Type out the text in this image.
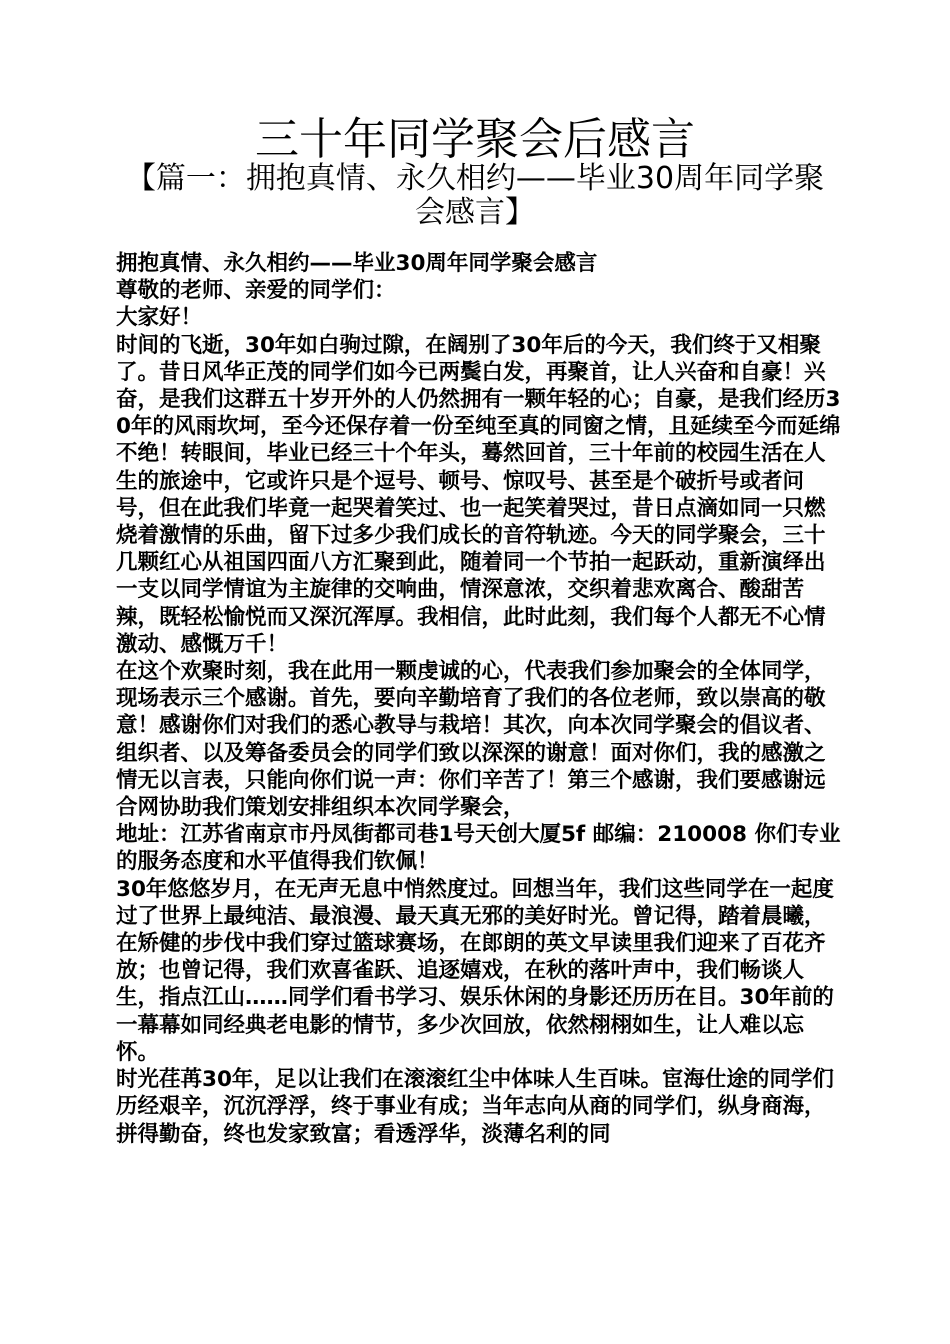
三十年同学聚会后感言
【篇一：拥抱真情、永久相约——毕业30周年同学聚会感言】

拥抱真情、永久相约——毕业30周年同学聚会感言

尊敬的老师、亲爱的同学们：

大家好！

时间的飞逝，30年如白驹过隙，在阔别了30年后的今天，我们终于又相聚了。昔日风华正茂的同学们如今已两鬓白发，再聚首，让人兴奋和自豪！兴奋，是我们这群五十岁开外的人仍然拥有一颗年轻的心；自豪，是我们经历30年的风雨坎坷，至今还保存着一份至纯至真的同窗之情，且延续至今而延绵不绝！转眼间，毕业已经三十个年头，蓦然回首，三十年前的校园生活在人生的旅途中，它或许只是个逗号、顿号、惊叹号、甚至是个破折号或者问号，但在此我们毕竟一起哭着笑过、也一起笑着哭过，昔日点滴如同一只燃烧着激情的乐曲，留下过多少我们成长的音符轨迹。今天的同学聚会，三十几颗红心从祖国四面八方汇聚到此，随着同一个节拍一起跃动，重新演绎出一支以同学情谊为主旋律的交响曲，情深意浓，交织着悲欢离合、酸甜苦辣，既轻松愉悦而又深沉浑厚。我相信，此时此刻，我们每个人都无不心情激动、感慨万千！

在这个欢聚时刻，我在此用一颗虔诚的心，代表我们参加聚会的全体同学，现场表示三个感谢。首先，要向辛勤培育了我们的各位老师，致以崇高的敬意！感谢你们对我们的悉心教导与栽培！其次，向本次同学聚会的倡议者、组织者、以及筹备委员会的同学们致以深深的谢意！面对你们，我的感激之情无以言表，只能向你们说一声：你们辛苦了！第三个感谢，我们要感谢远合网协助我们策划安排组织本次同学聚会，

地址：江苏省南京市丹凤街都司巷1号天创大厦5f 邮编：210008 你们专业的服务态度和水平值得我们钦佩！

30年悠悠岁月，在无声无息中悄然度过。回想当年，我们这些同学在一起度过了世界上最纯洁、最浪漫、最天真无邪的美好时光。曾记得，踏着晨曦，在矫健的步伐中我们穿过篮球赛场，在郎朗的英文早读里我们迎来了百花齐放；也曾记得，我们欢喜雀跃、追逐嬉戏，在秋的落叶声中，我们畅谈人生，指点江山……同学们看书学习、娱乐休闲的身影还历历在目。30年前的一幕幕如同经典老电影的情节，多少次回放，依然栩栩如生，让人难以忘怀。

时光荏苒30年，足以让我们在滚滚红尘中体味人生百味。宦海仕途的同学们历经艰辛，沉沉浮浮，终于事业有成；当年志向从商的同学们，纵身商海，拼得勤奋，终也发家致富；看透浮华，淡薄名利的同
